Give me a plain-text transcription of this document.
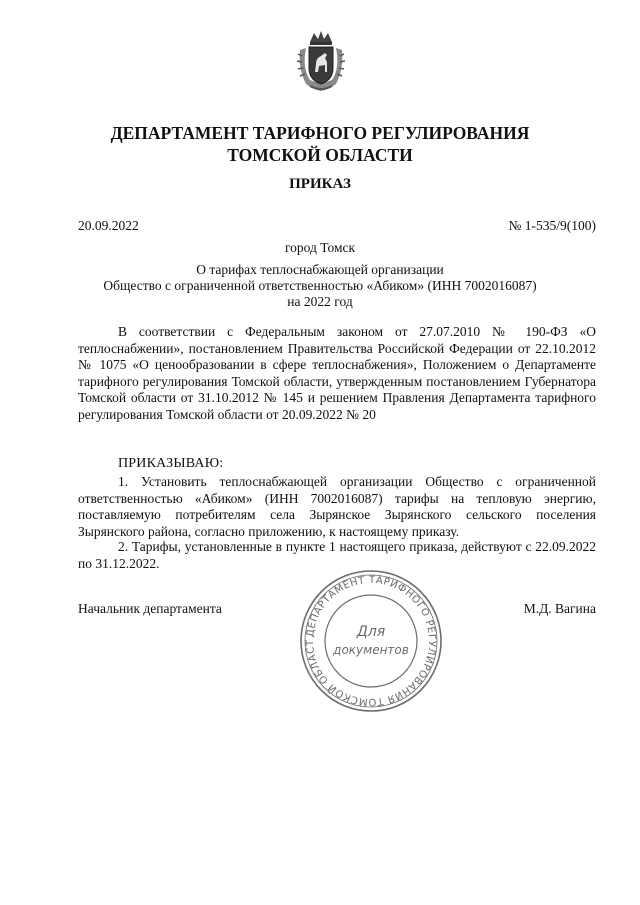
ДЕПАРТАМЕНТ ТАРИФНОГО РЕГУЛИРОВАНИЯ
ТОМСКОЙ ОБЛАСТИ
ПРИКАЗ
20.09.2022	№ 1-535/9(100)
город Томск
О тарифах теплоснабжающей организации
Общество с ограниченной ответственностью «Абиком» (ИНН 7002016087)
на 2022 год

В соответствии с Федеральным законом от 27.07.2010 № 190-ФЗ «О теплоснабжении», постановлением Правительства Российской Федерации от 22.10.2012 № 1075 «О ценообразовании в сфере теплоснабжения», Положением о Департаменте тарифного регулирования Томской области, утвержденным постановлением Губернатора Томской области от 31.10.2012 № 145 и решением Правления Департамента тарифного регулирования Томской области от 20.09.2022 № 20

ПРИКАЗЫВАЮ:

1. Установить теплоснабжающей организации Общество с ограниченной ответственностью «Абиком» (ИНН 7002016087) тарифы на тепловую энергию, поставляемую потребителям села Зырянское Зырянского сельского поселения Зырянского района, согласно приложению, к настоящему приказу.

2. Тарифы, установленные в пункте 1 настоящего приказа, действуют с 22.09.2022 по 31.12.2022.

Начальник департамента	М.Д. Вагина
ДЕПАРТАМЕНТ ТАРИФНОГО РЕГУЛИРОВАНИЯ ТОМСКОЙ ОБЛАСТ
Для
документов
